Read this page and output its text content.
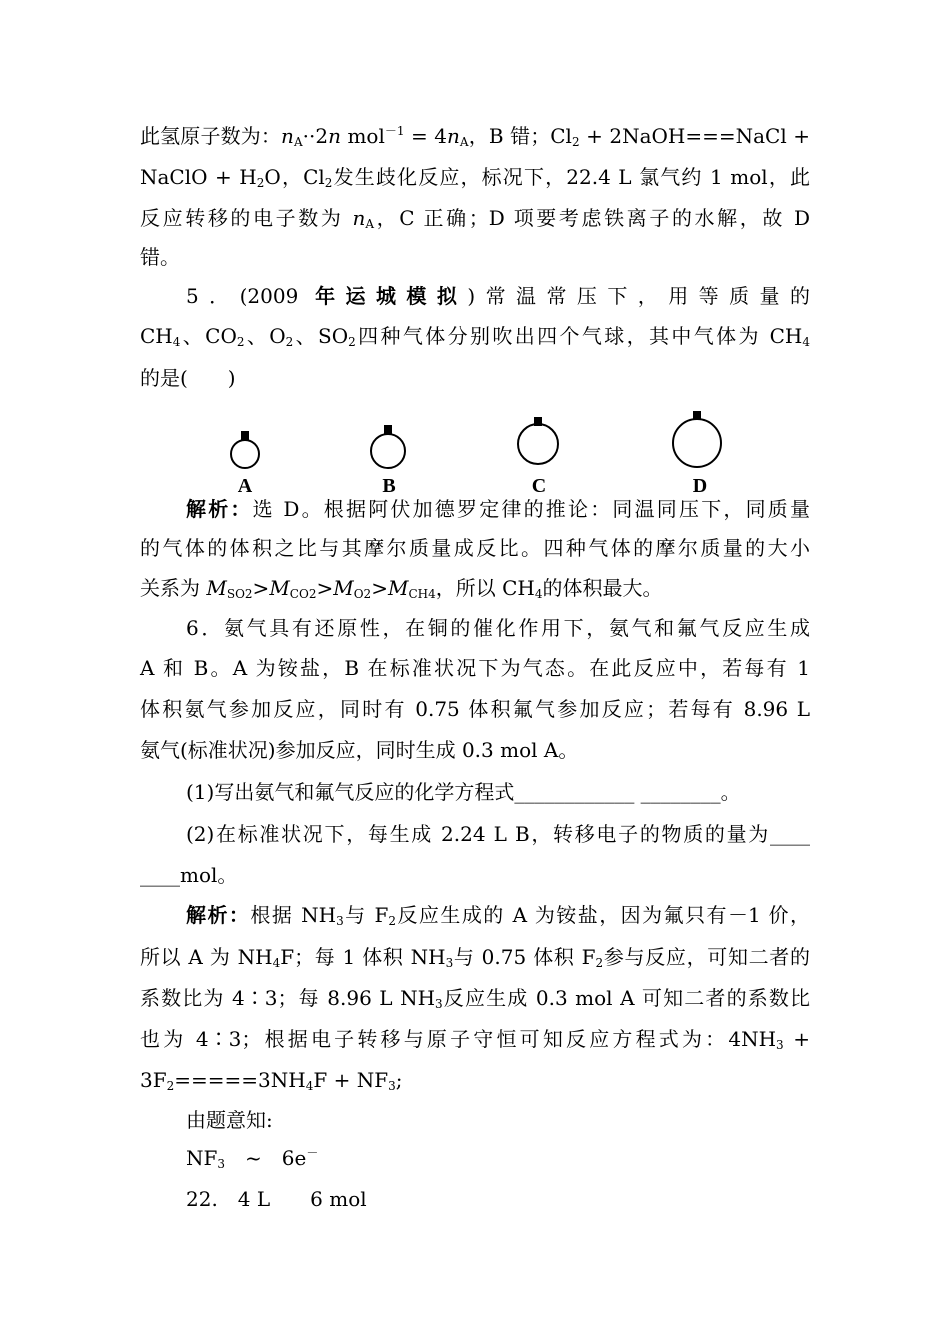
此氢原子数为：$n_A\cdot\cdot 2n$ $mol^{-1} = 4n_A$，B 错；$Cl_2$ + 2NaOH===NaCl +
NaClO + $H_2O$，$Cl_2$发生歧化反应，标况下，22.4 L 氯气约 1 mol，此
反应转移的电子数为 $n_A$，C 正确；D 项要考虑铁离子的水解，故 D
错。
5．(2009 年运城模拟)常温常压下，用等质量的
$CH_4$、$CO_2$、$O_2$、$SO_2$四种气体分别吹出四个气球，其中气体为 $CH_4$
的是(　　)
A	B	C	D
解析：选 D。根据阿伏加德罗定律的推论：同温同压下，同质量
的气体的体积之比与其摩尔质量成反比。四种气体的摩尔质量的大小
关系为 $M_{SO2}>M_{CO2}>M_{O2}>M_{CH4}$，所以 $CH_4$的体积最大。
6．氨气具有还原性，在铜的催化作用下，氨气和氟气反应生成
A 和 B。A 为铵盐，B 在标准状况下为气态。在此反应中，若每有 1
体积氨气参加反应，同时有 0.75 体积氟气参加反应；若每有 8.96 L
氨气(标准状况)参加反应，同时生成 0.3 mol A。
(1)写出氨气和氟气反应的化学方程式____________ ________。
(2)在标准状况下，每生成 2.24 L B，转移电子的物质的量为____
____mol。
解析：根据 $NH_3$与 $F_2$反应生成的 A 为铵盐，因为氟只有－1 价，
所以 A 为 $NH_4F$；每 1 体积 $NH_3$与 0.75 体积 $F_2$参与反应，可知二者的
系数比为 4∶3；每 8.96 L $NH_3$反应生成 0.3 mol A 可知二者的系数比
也为 4∶3；根据电子转移与原子守恒可知反应方程式为：$4NH_3$ +
$3F_2=====3NH_4F + NF_3$;
由题意知:
$NF_3$　~　6e－
22.　4 L　　6 mol
